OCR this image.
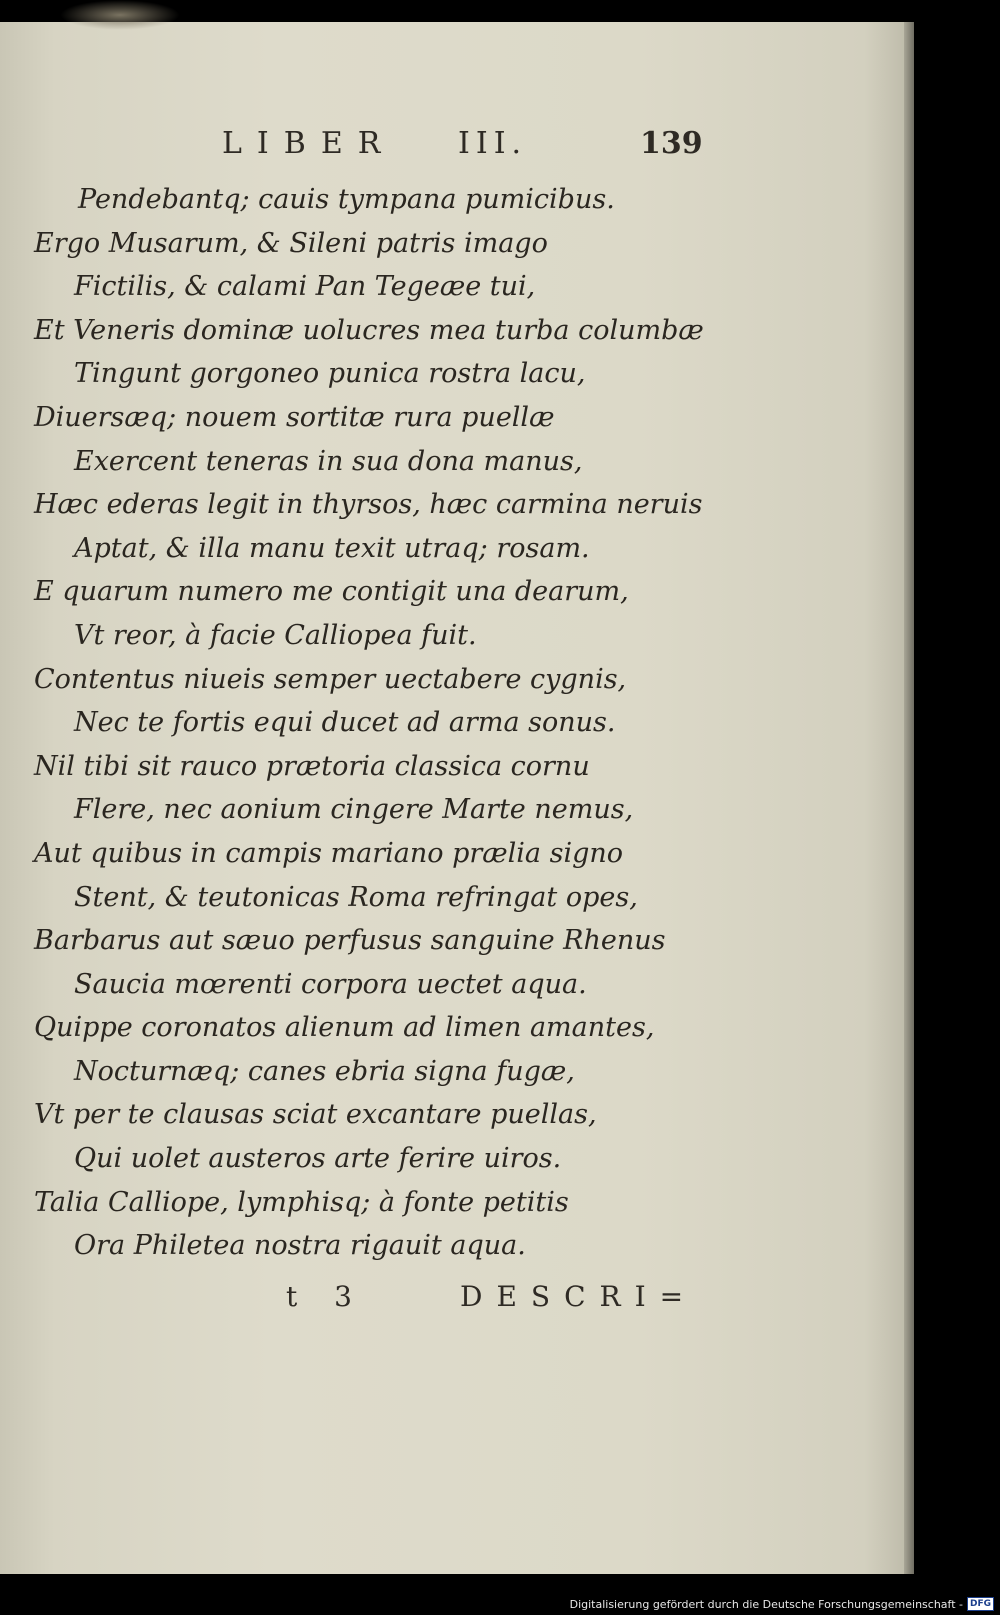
LIBER III.	139
Pendebantq; cauis tympana pumicibus.
Ergo Musarum, & Sileni patris imago
Fictilis, & calami Pan Tegeæe tui,
Et Veneris dominæ uolucres mea turba columbæ
Tingunt gorgoneo punica rostra lacu,
Diuersæq; nouem sortitæ rura puellæ
Exercent teneras in sua dona manus,
Hæc ederas legit in thyrsos, hæc carmina neruis
Aptat, & illa manu texit utraq; rosam.
E quarum numero me contigit una dearum,
Vt reor, à facie Calliopea fuit.
Contentus niueis semper uectabere cygnis,
Nec te fortis equi ducet ad arma sonus.
Nil tibi sit rauco prætoria classica cornu
Flere, nec aonium cingere Marte nemus,
Aut quibus in campis mariano prælia signo
Stent, & teutonicas Roma refringat opes,
Barbarus aut sæuo perfusus sanguine Rhenus
Saucia mœrenti corpora uectet aqua.
Quippe coronatos alienum ad limen amantes,
Nocturnæq; canes ebria signa fugæ,
Vt per te clausas sciat excantare puellas,
Qui uolet austeros arte ferire uiros.
Talia Calliope, lymphisq; à fonte petitis
Ora Philetea nostra rigauit aqua.
t 3	DESCRI=
Digitalisierung gefördert durch die Deutsche Forschungsgemeinschaft - DFG
